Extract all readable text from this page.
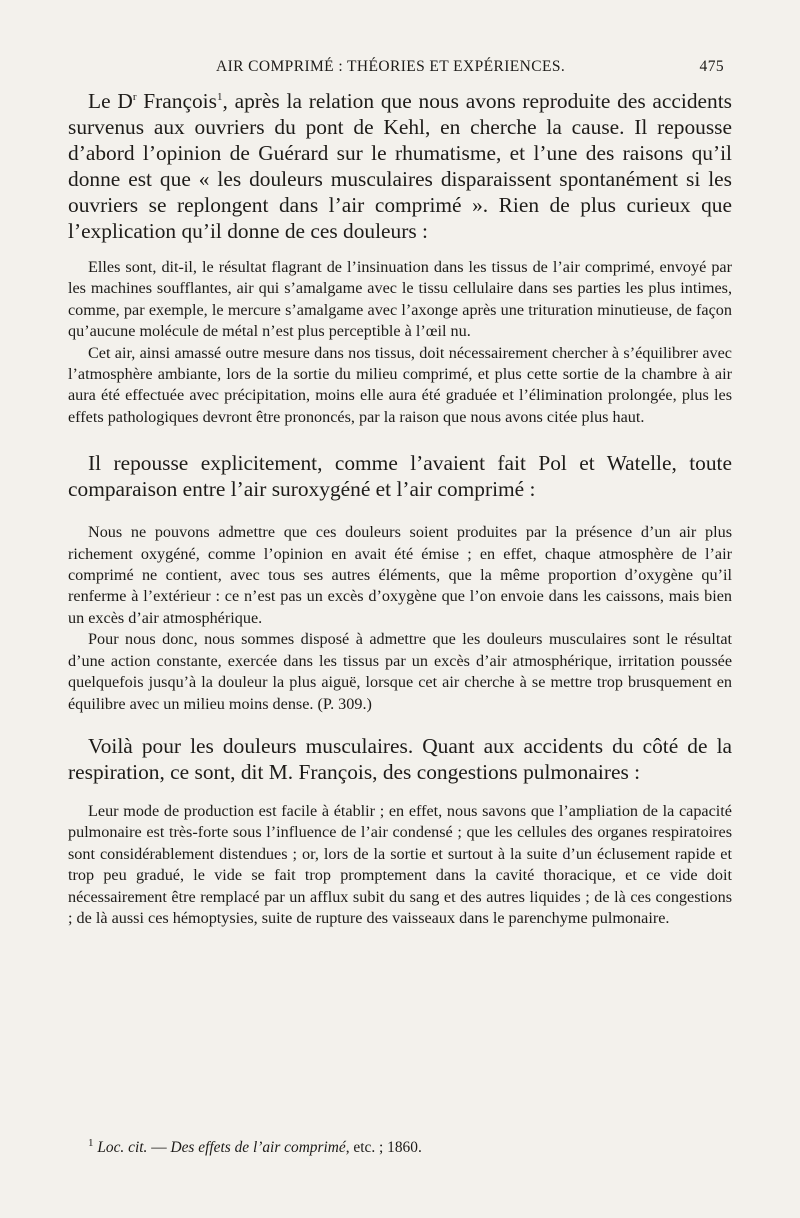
AIR COMPRIMÉ : THÉORIES ET EXPÉRIENCES.	475

Le $D^r$ François$^1$, après la relation que nous avons reproduite des accidents survenus aux ouvriers du pont de Kehl, en cherche la cause. Il repousse d’abord l’opinion de Guérard sur le rhumatisme, et l’une des raisons qu’il donne est que « les douleurs musculaires disparaissent spontanément si les ouvriers se replongent dans l’air comprimé ». Rien de plus curieux que l’explication qu’il donne de ces douleurs :

Elles sont, dit-il, le résultat flagrant de l’insinuation dans les tissus de l’air comprimé, envoyé par les machines soufflantes, air qui s’amalgame avec le tissu cellulaire dans ses parties les plus intimes, comme, par exemple, le mercure s’amalgame avec l’axonge après une trituration minutieuse, de façon qu’aucune molécule de métal n’est plus perceptible à l’œil nu.

Cet air, ainsi amassé outre mesure dans nos tissus, doit nécessairement chercher à s’équilibrer avec l’atmosphère ambiante, lors de la sortie du milieu comprimé, et plus cette sortie de la chambre à air aura été effectuée avec précipitation, moins elle aura été graduée et l’élimination prolongée, plus les effets pathologiques devront être prononcés, par la raison que nous avons citée plus haut.

Il repousse explicitement, comme l’avaient fait Pol et Watelle, toute comparaison entre l’air suroxygéné et l’air comprimé :

Nous ne pouvons admettre que ces douleurs soient produites par la présence d’un air plus richement oxygéné, comme l’opinion en avait été émise ; en effet, chaque atmosphère de l’air comprimé ne contient, avec tous ses autres éléments, que la même proportion d’oxygène qu’il renferme à l’extérieur : ce n’est pas un excès d’oxygène que l’on envoie dans les caissons, mais bien un excès d’air atmosphérique.

Pour nous donc, nous sommes disposé à admettre que les douleurs musculaires sont le résultat d’une action constante, exercée dans les tissus par un excès d’air atmosphérique, irritation poussée quelquefois jusqu’à la douleur la plus aiguë, lorsque cet air cherche à se mettre trop brusquement en équilibre avec un milieu moins dense. (P. 309.)

Voilà pour les douleurs musculaires. Quant aux accidents du côté de la respiration, ce sont, dit M. François, des congestions pulmonaires :

Leur mode de production est facile à établir ; en effet, nous savons que l’ampliation de la capacité pulmonaire est très-forte sous l’influence de l’air condensé ; que les cellules des organes respiratoires sont considérablement distendues ; or, lors de la sortie et surtout à la suite d’un éclusement rapide et trop peu gradué, le vide se fait trop promptement dans la cavité thoracique, et ce vide doit nécessairement être remplacé par un afflux subit du sang et des autres liquides ; de là ces congestions ; de là aussi ces hémoptysies, suite de rupture des vaisseaux dans le parenchyme pulmonaire.

$^1$ Loc. cit. — Des effets de l’air comprimé, etc. ; 1860.
